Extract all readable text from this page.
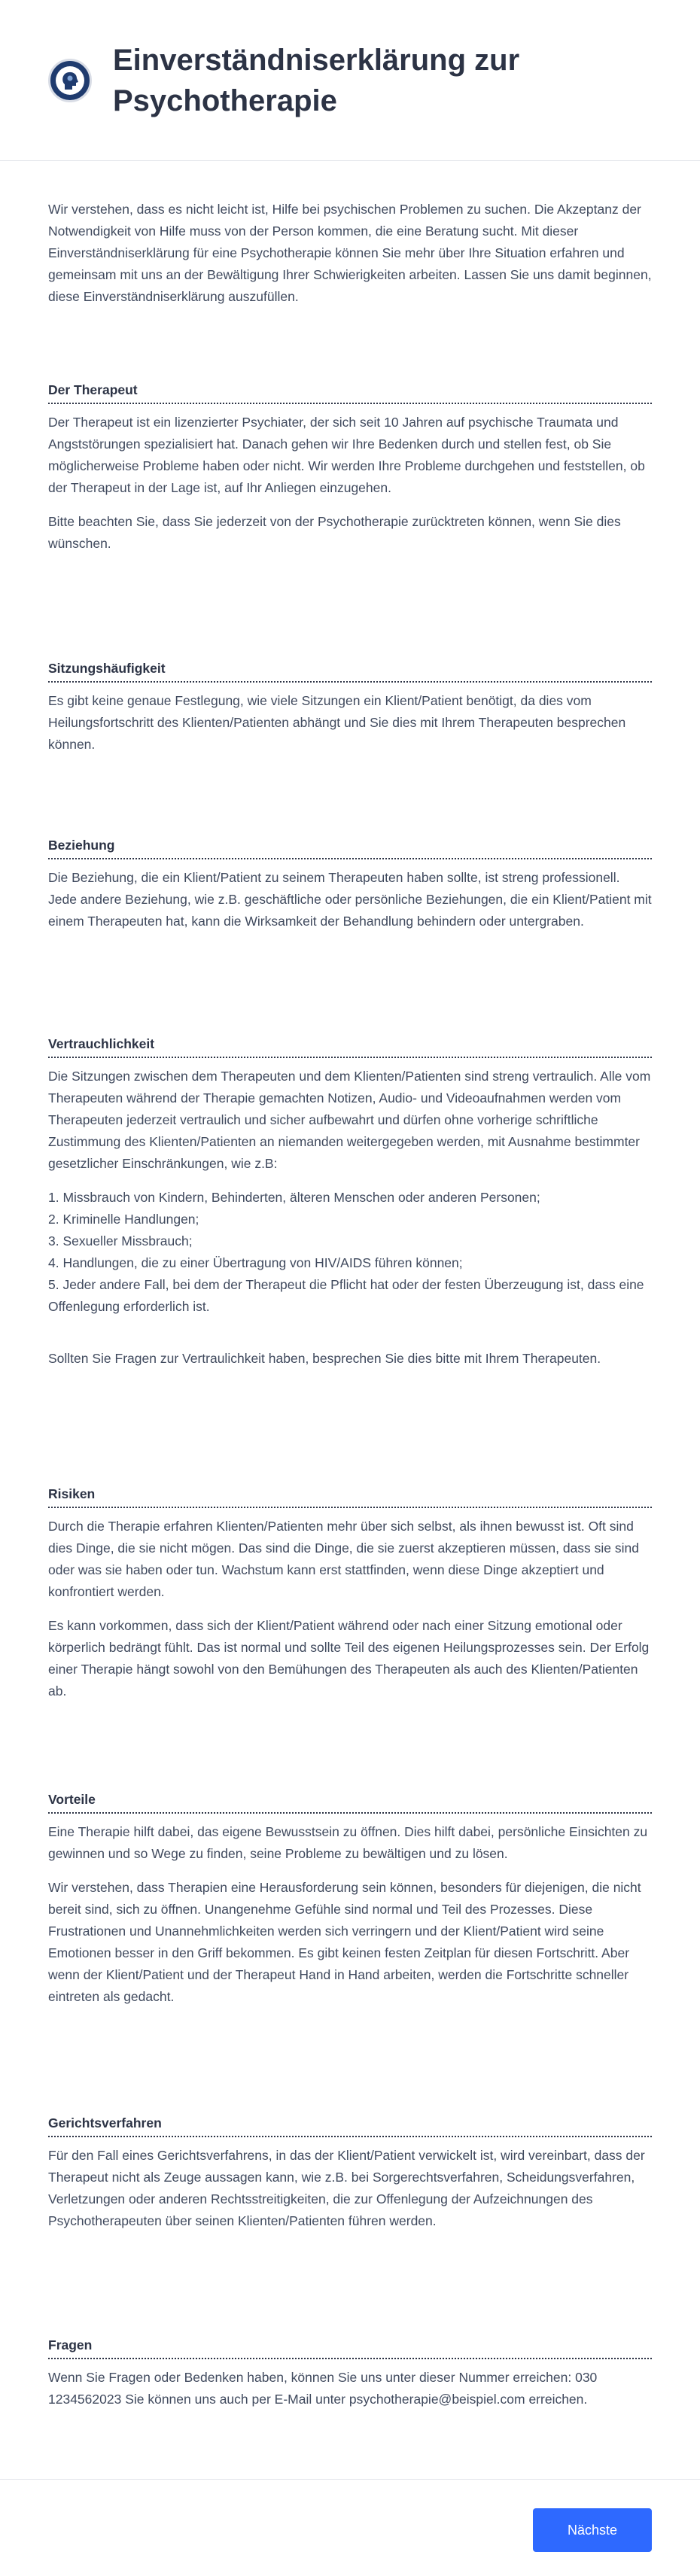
Einverständniserklärung zur
Psychotherapie

Wir verstehen, dass es nicht leicht ist, Hilfe bei psychischen Problemen zu suchen. Die Akzeptanz der Notwendigkeit von Hilfe muss von der Person kommen, die eine Beratung sucht. Mit dieser Einverständniserklärung für eine Psychotherapie können Sie mehr über Ihre Situation erfahren und gemeinsam mit uns an der Bewältigung Ihrer Schwierigkeiten arbeiten. Lassen Sie uns damit beginnen, diese Einverständniserklärung auszufüllen.

Der Therapeut

Der Therapeut ist ein lizenzierter Psychiater, der sich seit 10 Jahren auf psychische Traumata und Angststörungen spezialisiert hat. Danach gehen wir Ihre Bedenken durch und stellen fest, ob Sie möglicherweise Probleme haben oder nicht. Wir werden Ihre Probleme durchgehen und feststellen, ob der Therapeut in der Lage ist, auf Ihr Anliegen einzugehen.

Bitte beachten Sie, dass Sie jederzeit von der Psychotherapie zurücktreten können, wenn Sie dies wünschen.

Sitzungshäufigkeit

Es gibt keine genaue Festlegung, wie viele Sitzungen ein Klient/Patient benötigt, da dies vom Heilungsfortschritt des Klienten/Patienten abhängt und Sie dies mit Ihrem Therapeuten besprechen können.

Beziehung

Die Beziehung, die ein Klient/Patient zu seinem Therapeuten haben sollte, ist streng professionell. Jede andere Beziehung, wie z.B. geschäftliche oder persönliche Beziehungen, die ein Klient/Patient mit einem Therapeuten hat, kann die Wirksamkeit der Behandlung behindern oder untergraben.

Vertrauchlichkeit

Die Sitzungen zwischen dem Therapeuten und dem Klienten/Patienten sind streng vertraulich. Alle vom Therapeuten während der Therapie gemachten Notizen, Audio- und Videoaufnahmen werden vom Therapeuten jederzeit vertraulich und sicher aufbewahrt und dürfen ohne vorherige schriftliche Zustimmung des Klienten/Patienten an niemanden weitergegeben werden, mit Ausnahme bestimmter gesetzlicher Einschränkungen, wie z.B:

1. Missbrauch von Kindern, Behinderten, älteren Menschen oder anderen Personen;
2. Kriminelle Handlungen;
3. Sexueller Missbrauch;
4. Handlungen, die zu einer Übertragung von HIV/AIDS führen können;
5. Jeder andere Fall, bei dem der Therapeut die Pflicht hat oder der festen Überzeugung ist, dass eine Offenlegung erforderlich ist.

Sollten Sie Fragen zur Vertraulichkeit haben, besprechen Sie dies bitte mit Ihrem Therapeuten.

Risiken

Durch die Therapie erfahren Klienten/Patienten mehr über sich selbst, als ihnen bewusst ist. Oft sind dies Dinge, die sie nicht mögen. Das sind die Dinge, die sie zuerst akzeptieren müssen, dass sie sind oder was sie haben oder tun. Wachstum kann erst stattfinden, wenn diese Dinge akzeptiert und konfrontiert werden.

Es kann vorkommen, dass sich der Klient/Patient während oder nach einer Sitzung emotional oder körperlich bedrängt fühlt. Das ist normal und sollte Teil des eigenen Heilungsprozesses sein. Der Erfolg einer Therapie hängt sowohl von den Bemühungen des Therapeuten als auch des Klienten/Patienten ab.

Vorteile

Eine Therapie hilft dabei, das eigene Bewusstsein zu öffnen. Dies hilft dabei, persönliche Einsichten zu gewinnen und so Wege zu finden, seine Probleme zu bewältigen und zu lösen.

Wir verstehen, dass Therapien eine Herausforderung sein können, besonders für diejenigen, die nicht bereit sind, sich zu öffnen. Unangenehme Gefühle sind normal und Teil des Prozesses. Diese Frustrationen und Unannehmlichkeiten werden sich verringern und der Klient/Patient wird seine Emotionen besser in den Griff bekommen. Es gibt keinen festen Zeitplan für diesen Fortschritt. Aber wenn der Klient/Patient und der Therapeut Hand in Hand arbeiten, werden die Fortschritte schneller eintreten als gedacht.

Gerichtsverfahren

Für den Fall eines Gerichtsverfahrens, in das der Klient/Patient verwickelt ist, wird vereinbart, dass der Therapeut nicht als Zeuge aussagen kann, wie z.B. bei Sorgerechtsverfahren, Scheidungsverfahren, Verletzungen oder anderen Rechtsstreitigkeiten, die zur Offenlegung der Aufzeichnungen des Psychotherapeuten über seinen Klienten/Patienten führen werden.

Fragen

Wenn Sie Fragen oder Bedenken haben, können Sie uns unter dieser Nummer erreichen: 030 1234562023 Sie können uns auch per E-Mail unter psychotherapie@beispiel.com erreichen.

Nächste
